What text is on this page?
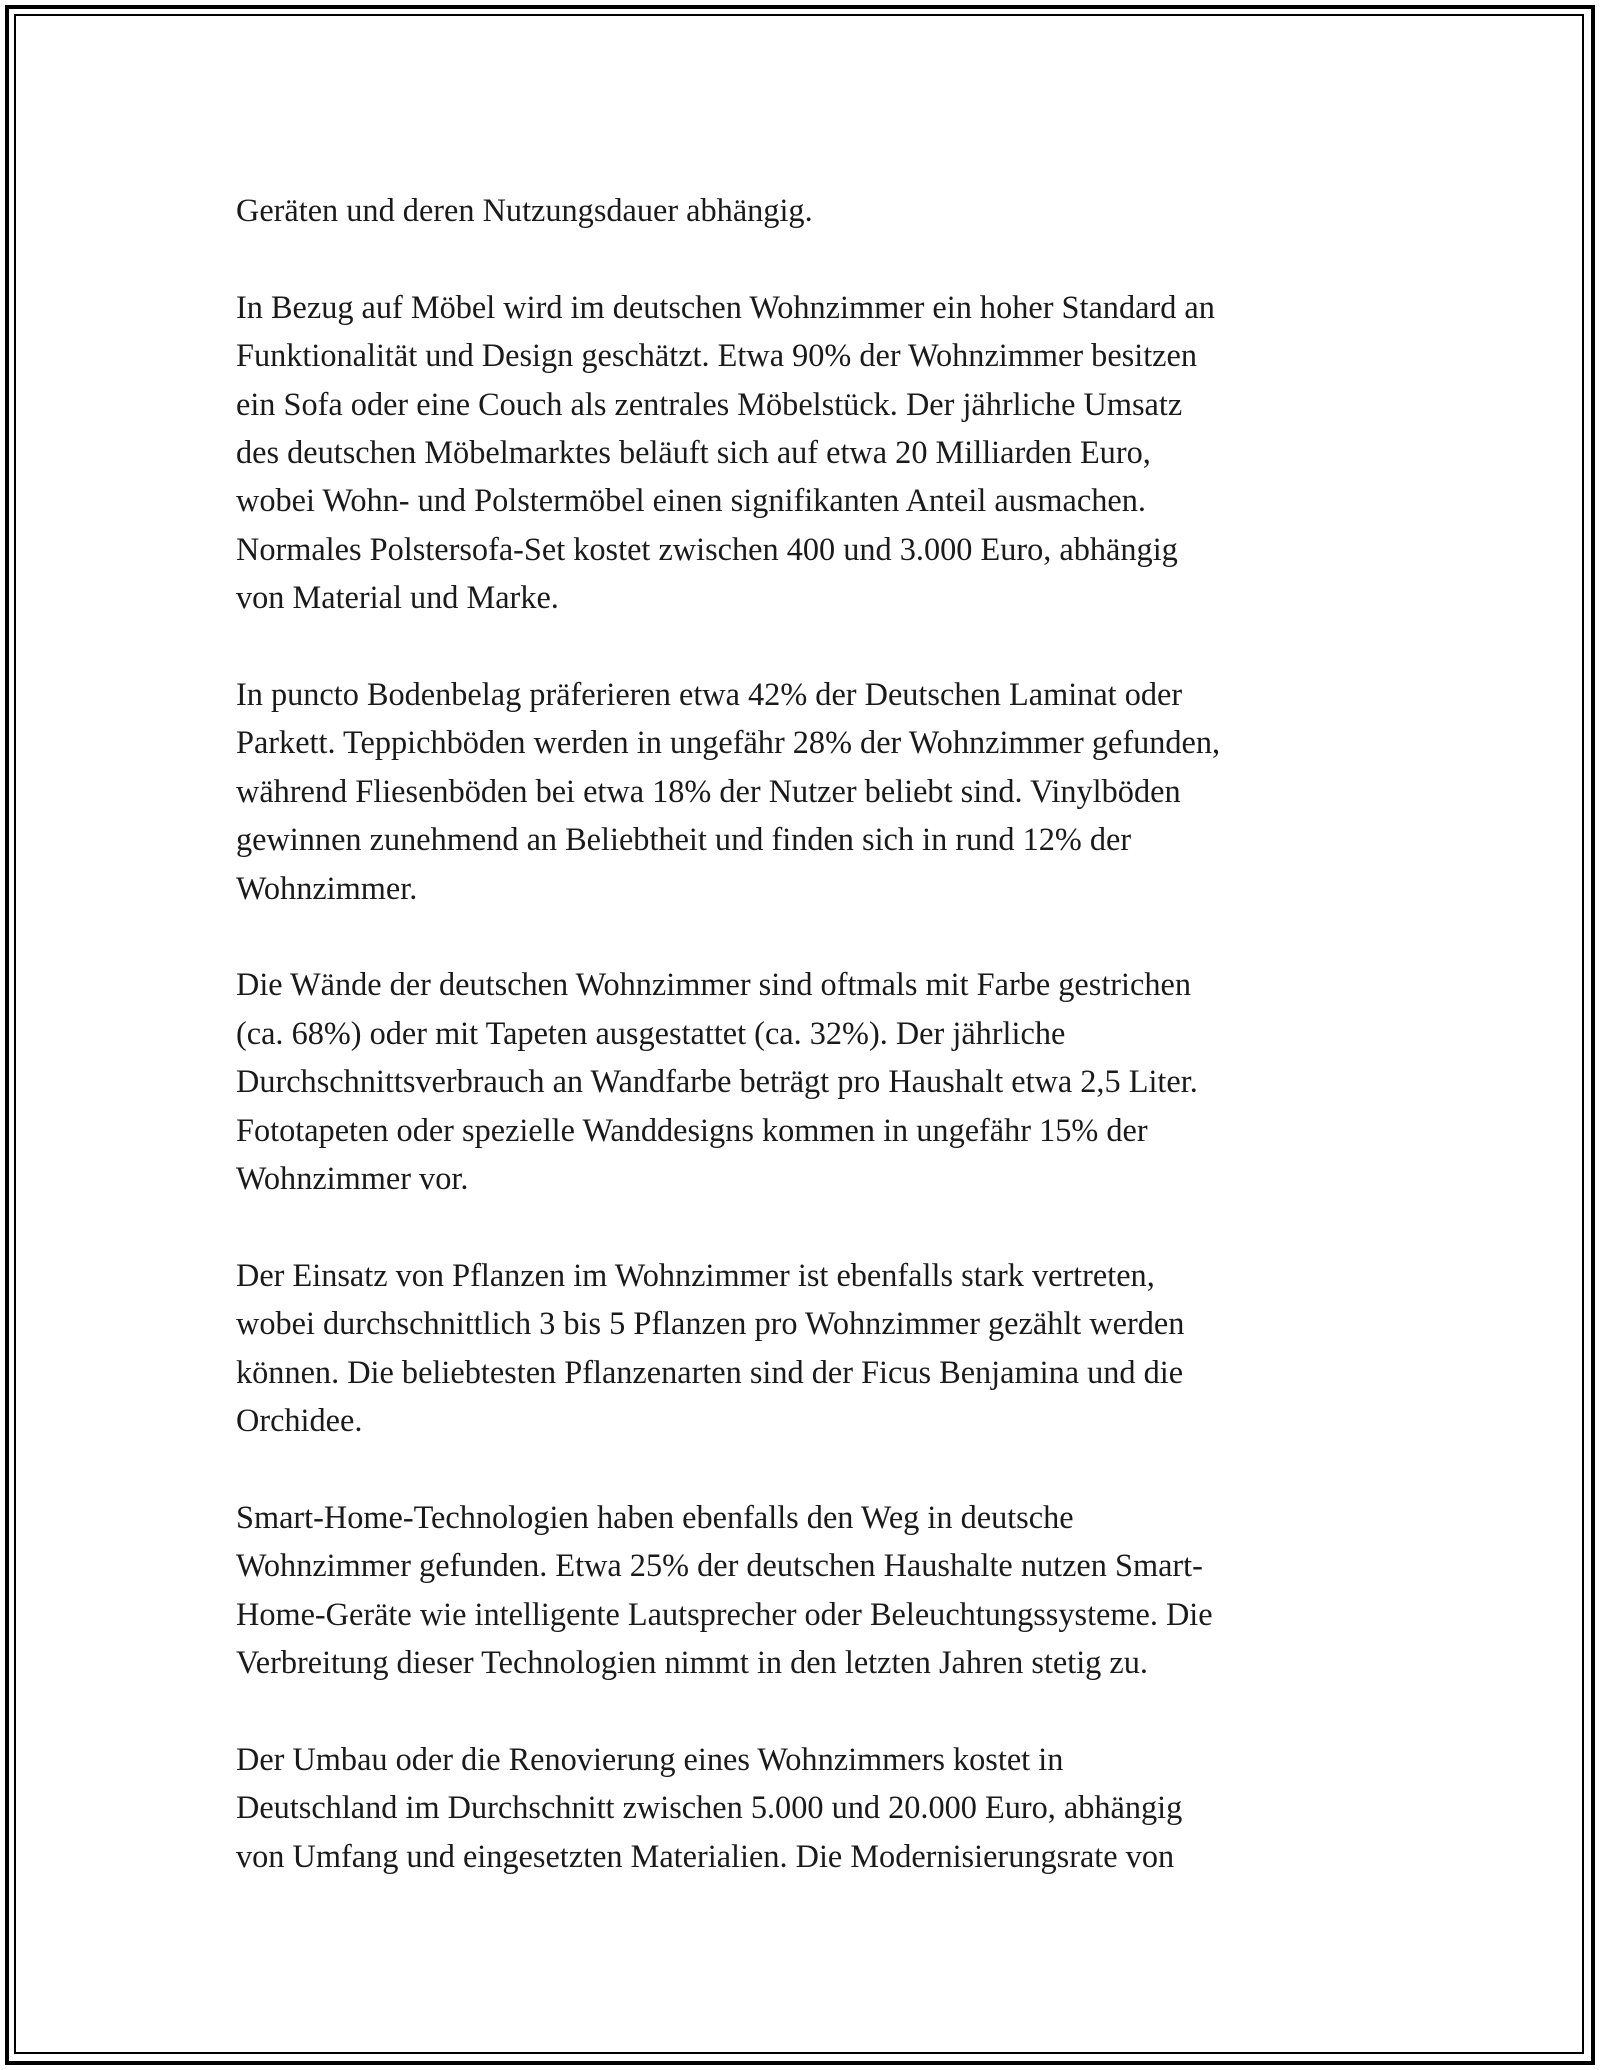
Geräten und deren Nutzungsdauer abhängig.

In Bezug auf Möbel wird im deutschen Wohnzimmer ein hoher Standard an
Funktionalität und Design geschätzt. Etwa 90% der Wohnzimmer besitzen
ein Sofa oder eine Couch als zentrales Möbelstück. Der jährliche Umsatz
des deutschen Möbelmarktes beläuft sich auf etwa 20 Milliarden Euro,
wobei Wohn- und Polstermöbel einen signifikanten Anteil ausmachen.
Normales Polstersofa-Set kostet zwischen 400 und 3.000 Euro, abhängig
von Material und Marke.

In puncto Bodenbelag präferieren etwa 42% der Deutschen Laminat oder
Parkett. Teppichböden werden in ungefähr 28% der Wohnzimmer gefunden,
während Fliesenböden bei etwa 18% der Nutzer beliebt sind. Vinylböden
gewinnen zunehmend an Beliebtheit und finden sich in rund 12% der
Wohnzimmer.

Die Wände der deutschen Wohnzimmer sind oftmals mit Farbe gestrichen
(ca. 68%) oder mit Tapeten ausgestattet (ca. 32%). Der jährliche
Durchschnittsverbrauch an Wandfarbe beträgt pro Haushalt etwa 2,5 Liter.
Fototapeten oder spezielle Wanddesigns kommen in ungefähr 15% der
Wohnzimmer vor.

Der Einsatz von Pflanzen im Wohnzimmer ist ebenfalls stark vertreten,
wobei durchschnittlich 3 bis 5 Pflanzen pro Wohnzimmer gezählt werden
können. Die beliebtesten Pflanzenarten sind der Ficus Benjamina und die
Orchidee.

Smart-Home-Technologien haben ebenfalls den Weg in deutsche
Wohnzimmer gefunden. Etwa 25% der deutschen Haushalte nutzen Smart-
Home-Geräte wie intelligente Lautsprecher oder Beleuchtungssysteme. Die
Verbreitung dieser Technologien nimmt in den letzten Jahren stetig zu.

Der Umbau oder die Renovierung eines Wohnzimmers kostet in
Deutschland im Durchschnitt zwischen 5.000 und 20.000 Euro, abhängig
von Umfang und eingesetzten Materialien. Die Modernisierungsrate von
